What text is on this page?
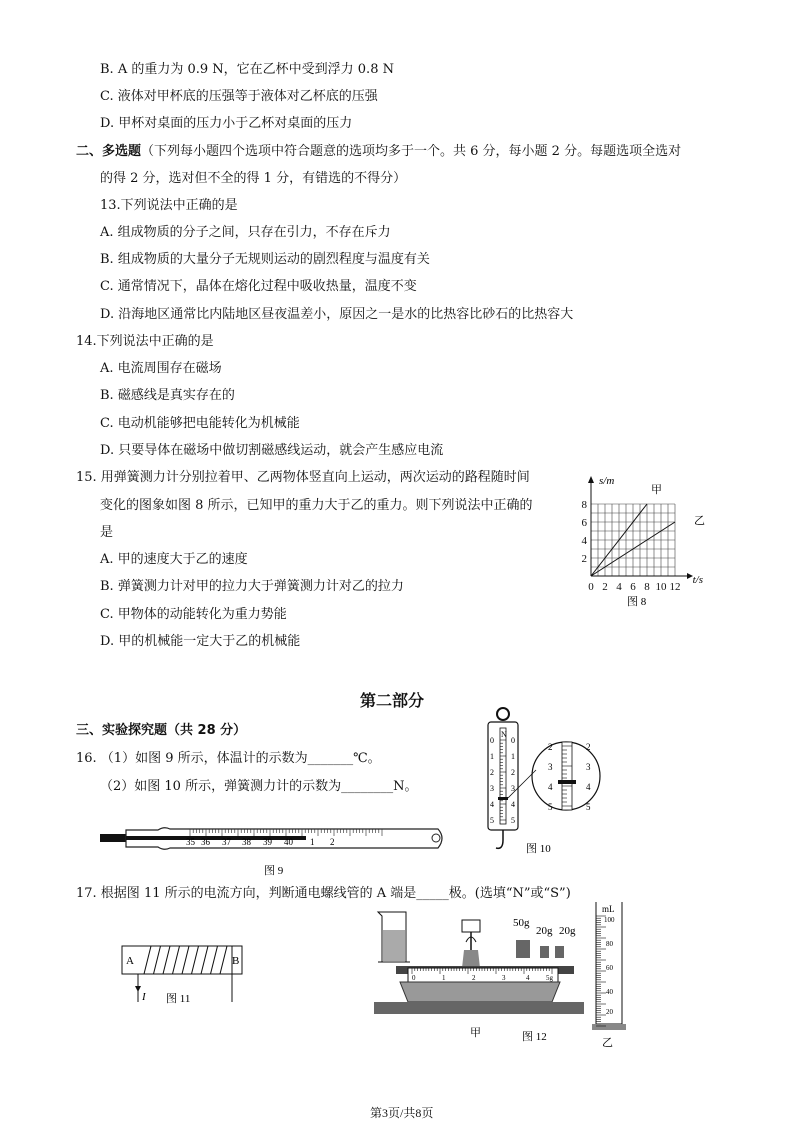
B. A 的重力为 0.9 N，它在乙杯中受到浮力 0.8 N
C. 液体对甲杯底的压强等于液体对乙杯底的压强
D. 甲杯对桌面的压力小于乙杯对桌面的压力
二、多选题（下列每小题四个选项中符合题意的选项均多于一个。共 6 分，每小题 2 分。每题选项全选对
的得 2 分，选对但不全的得 1 分，有错选的不得分）
13.下列说法中正确的是
A. 组成物质的分子之间，只存在引力，不存在斥力
B. 组成物质的大量分子无规则运动的剧烈程度与温度有关
C. 通常情况下，晶体在熔化过程中吸收热量，温度不变
D. 沿海地区通常比内陆地区昼夜温差小，原因之一是水的比热容比砂石的比热容大
14.下列说法中正确的是
A. 电流周围存在磁场
B. 磁感线是真实存在的
C. 电动机能够把电能转化为机械能
D. 只要导体在磁场中做切割磁感线运动，就会产生感应电流
15. 用弹簧测力计分别拉着甲、乙两物体竖直向上运动，两次运动的路程随时间
变化的图象如图 8 所示，已知甲的重力大于乙的重力。则下列说法中正确的
是
A. 甲的速度大于乙的速度
B. 弹簧测力计对甲的拉力大于弹簧测力计对乙的拉力
C. 甲物体的动能转化为重力势能
D. 甲的机械能一定大于乙的机械能
第二部分
三、实验探究题（共 28 分）
16. （1）如图 9 所示，体温计的示数为_______℃。
（2）如图 10 所示，弹簧测力计的示数为________N。
17. 根据图 11 所示的电流方向，判断通电螺线管的 A 端是_____极。(选填“N”或“S”)
第3页/共8页
2
4
6
8
0 2 4 6 8 10 12
s/m
t/s
甲
乙
图 8
35 36 37 38 39 40 1 2
图 9
N
0
1
2
3
4
5
0
1
2
3
4
5
2
3
4
5
2
3
4
5
图 10
A	B
I 图 11
50g
20g 20g
0	1	2	3	4 5g
mL
100
80
60
40
20
甲
乙
图 12
